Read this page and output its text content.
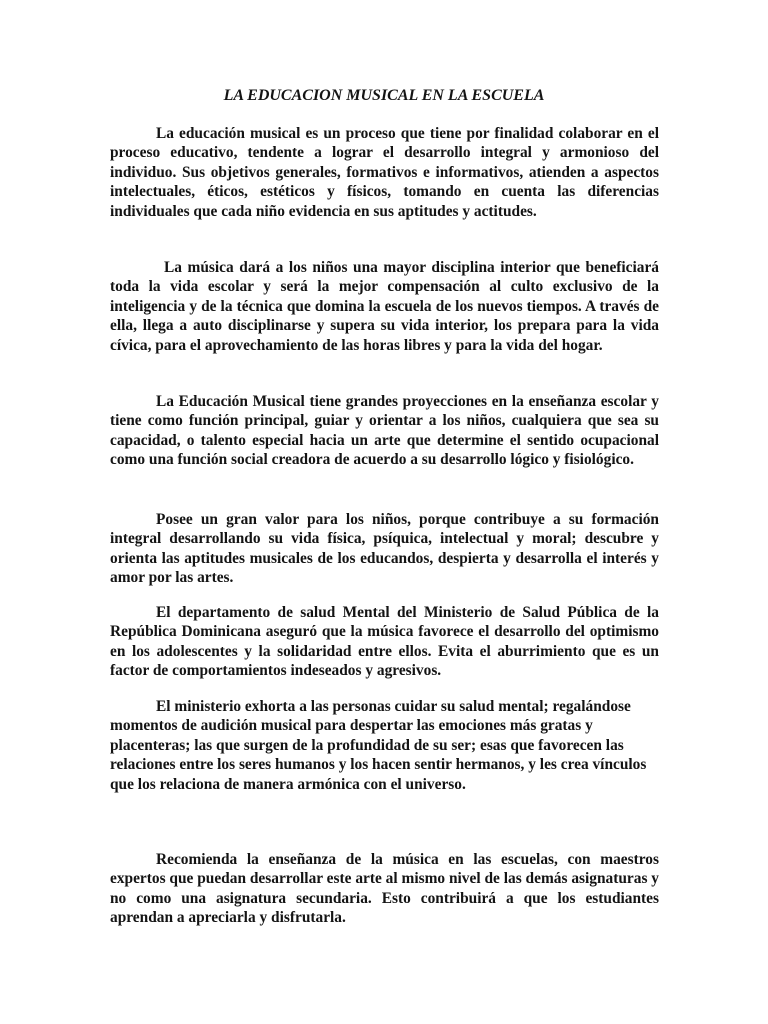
LA EDUCACION MUSICAL EN LA ESCUELA

La educación musical es un proceso que tiene por finalidad colaborar en el proceso educativo, tendente a lograr el desarrollo integral y armonioso del individuo. Sus objetivos generales, formativos e informativos, atienden a aspectos intelectuales, éticos, estéticos y físicos, tomando en cuenta las diferencias individuales que cada niño evidencia en sus aptitudes y actitudes.

La música dará a los niños una mayor disciplina interior que beneficiará toda la vida escolar y será la mejor compensación al culto exclusivo de la inteligencia y de la técnica que domina la escuela de los nuevos tiempos. A través de ella, llega a auto disciplinarse y supera su vida interior, los prepara para la vida cívica, para el aprovechamiento de las horas libres y para la vida del hogar.

La Educación Musical tiene grandes proyecciones en la enseñanza escolar y tiene como función principal, guiar y orientar a los niños, cualquiera que sea su capacidad, o talento especial hacia un arte que determine el sentido ocupacional como una función social creadora de acuerdo a su desarrollo lógico y fisiológico.

Posee un gran valor para los niños, porque contribuye a su formación integral desarrollando su vida física, psíquica, intelectual y moral; descubre y orienta las aptitudes musicales de los educandos, despierta y desarrolla el interés y amor por las artes.

El departamento de salud Mental del Ministerio de Salud Pública de la República Dominicana aseguró que la música favorece el desarrollo del optimismo en los adolescentes y la solidaridad entre ellos. Evita el aburrimiento que es un factor de comportamientos indeseados y agresivos.

El ministerio exhorta a las personas cuidar su salud mental; regalándose momentos de audición musical para despertar las emociones más gratas y placenteras; las que surgen de la profundidad de su ser; esas que favorecen las relaciones entre los seres humanos y los hacen sentir hermanos, y les crea vínculos que los relaciona de manera armónica con el universo.

Recomienda la enseñanza de la música en las escuelas, con maestros expertos que puedan desarrollar este arte al mismo nivel de las demás asignaturas y no como una asignatura secundaria. Esto contribuirá a que los estudiantes aprendan a apreciarla y disfrutarla.
